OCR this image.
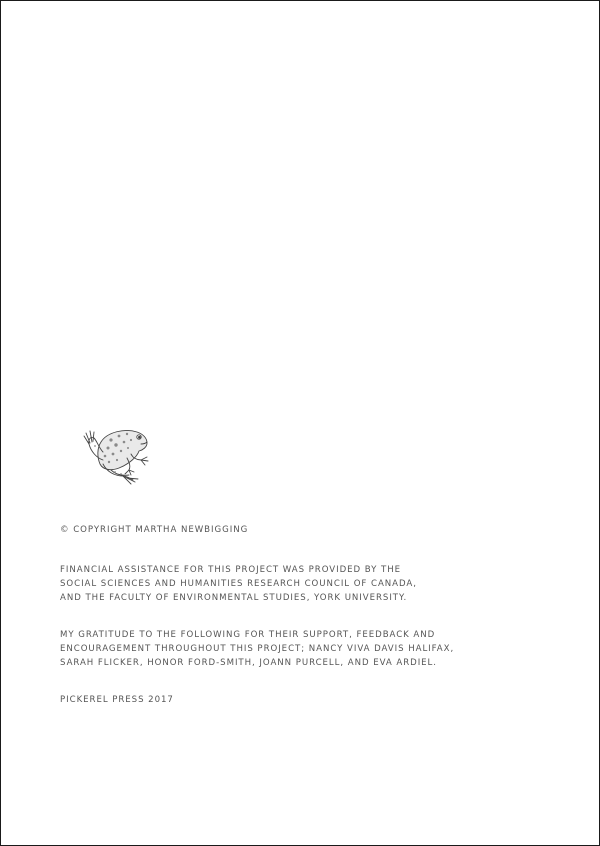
© COPYRIGHT MARTHA NEWBIGGING
FINANCIAL ASSISTANCE FOR THIS PROJECT WAS PROVIDED BY THE
SOCIAL SCIENCES AND HUMANITIES RESEARCH COUNCIL OF CANADA,
AND THE FACULTY OF ENVIRONMENTAL STUDIES, YORK UNIVERSITY.
MY GRATITUDE TO THE FOLLOWING FOR THEIR SUPPORT, FEEDBACK AND
ENCOURAGEMENT THROUGHOUT THIS PROJECT; NANCY VIVA DAVIS HALIFAX,
SARAH FLICKER, HONOR FORD-SMITH, JOANN PURCELL, AND EVA ARDIEL.
PICKEREL PRESS 2017
